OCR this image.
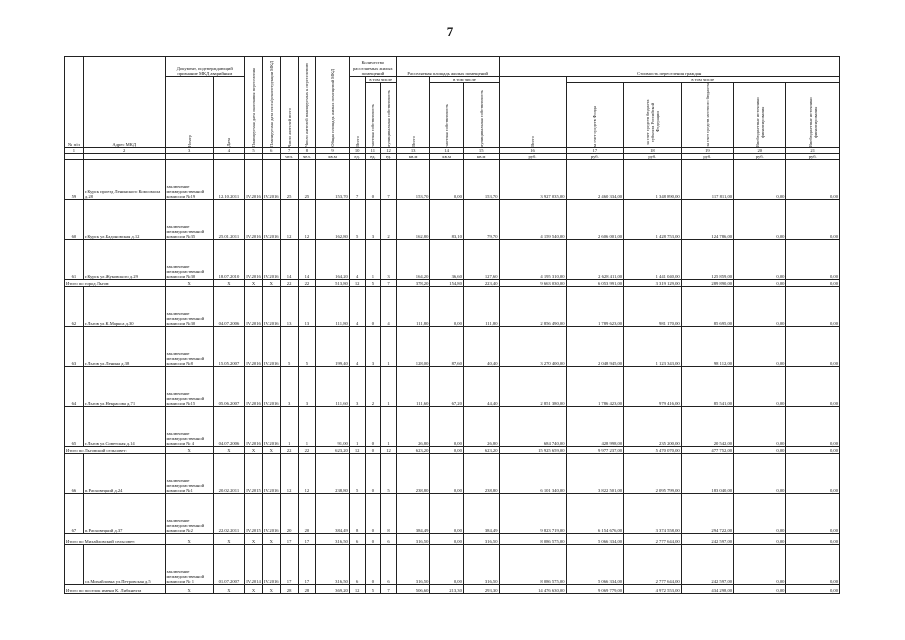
7
№ п/п	Адрес МКД	Документ, подтверждающий признание МКД аварийным		Планируемая дата окончания переселения	Планируемая дата сноса/реконструкции МКД	Число жителей всего	Число жителей планируемых к переселению	Общая площадь жилых помещений МКД	Количество расселяемых жилых помещений			Расселяемая площадь жилых помещений			Стоимость переселения граждан					

		Номер	Дата						Всего	в том числе		Всего	в том числе		Всего	в том числе				

										частная собственность	муниципальная собственность		частная собственность	муниципальная собственность		за счет средств Фонда	за счет средств бюджета субъекта Российской Федерации	за счет средств местного бюджета	Внебюджетные источники финансирования	Внебюджетные источники финансирования

1	2	3	4	5	6	7	8	9	10	11	12	13	14	15	16	17	18	19	20	21
						чел.	чел.	кв.м	ед.	ед.	ед.	кв.м	кв.м	кв.м	руб.	руб.	руб.	руб.	руб.	руб.
59	г.Курск проезд Ленинского Комсомола д.28	заключение межведомственной комиссии №19	12.10.2011	IV.2016	IV.2016	25	25	153,70	7	0	7	153,70	0,00	153,70	3 927 035,00	2 460 334,00	1 348 890,00	117 811,00	0,00	0,00
60	г.Курск ул.Бадоновская д.12	заключение межведомственной комиссии №35	25.01.2011	IV.2016	IV.2016	12	12	162,80	5	3	2	162,80	83,10	79,70	4 159 540,00	2 606 001,00	1 428 753,00	124 786,00	0,00	0,00
61	г.Курск ул.Жуковского д.29	заключение межведомственной комиссии №30	18.07.2010	IV.2016	IV.2016	14	14	164,20	4	1	3	164,20	36,60	127,60	4 195 310,00	2 628 411,00	1 441 040,00	125 859,00	0,00	0,00
Итого по город Льгов:		X	X	X	X	22	22	513,80	12	5	7	378,20	154,80	223,40	9 663 030,00	6 053 991,00	3 319 129,00	289 890,00	0,00	0,00
62	г.Льгов ул.К.Маркса д.30	заключение межведомственной комиссии №30	04.07.2006	IV.2016	IV.2016	13	13	111,80	4	0	4	111,80	0,00	111,80	2 856 490,00	1 789 623,00	981 170,00	85 695,00	0,00	0,00
63	г.Льгов ул.Ленина д.38	заключение межведомственной комиссии №8	15.05.2007	IV.2016	IV.2016	5	5	199,40	4	3	1	128,00	87,60	40,40	3 270 400,00	2 048 945,00	1 123 343,00	98 112,00	0,00	0,00
64	г.Льгов ул.Некрасова д.71	заключение межведомственной комиссии №15	05.06.2007	IV.2016	IV.2016	3	3	111,60	3	2	1	111,60	67,20	44,40	2 851 380,00	1 786 423,00	979 416,00	85 541,00	0,00	0,00
65	г.Льгов ул.Советская д.14	заключение межведомственной комиссии № 4	04.07.2006	IV.2016	IV.2016	1	1	91,00	1	0	1	26,80	0,00	26,80	684 740,00	428 998,00	235 200,00	20 542,00	0,00	0,00
Итого по Льговский сельсовет:		X	X	X	X	22	22	623,20	12	0	12	623,20	0,00	623,20	15 925 659,00	9 977 237,00	5 470 070,00	477 752,00	0,00	0,00
66	п.Расховецкий д.24	заключение межведомственной комиссии №1	20.02.2011	IV.2015	IV.2016	12	12	238,80	5	0	5	238,80	0,00	238,80	6 101 340,00	3 822 501,00	2 095 799,00	183 040,00	0,00	0,00
67	п.Расховецкий д.37	заключение межведомственной комиссии №2	22.02.2011	IV.2015	IV.2016	20	20	384,49	8	0	8	384,49	0,00	384,49	9 823 719,00	6 154 676,00	3 374 558,00	294 722,00	0,00	0,00
Итого по Михайловский сельсовет:		X	X	X	X	17	17	316,50	6	0	6	316,50	0,00	316,50	8 086 575,00	5 066 334,00	2 777 644,00	242 597,00	0,00	0,00
	сл.Михайловка ул.Петровская д.5	заключение межведомственной комиссии № 1	01.07.2007	IV.2014	IV.2016	17	17	316,50	6	0	6	316,50	0,00	316,50	8 086 575,00	5 066 334,00	2 777 644,00	242 597,00	0,00	0,00
Итого по поселок имени К. Либкнехта		X	X	X	X	28	28	369,20	12	5	7	506,60	213,30	293,30	14 476 630,00	9 069 779,00	4 972 553,00	434 298,00	0,00	0,00
